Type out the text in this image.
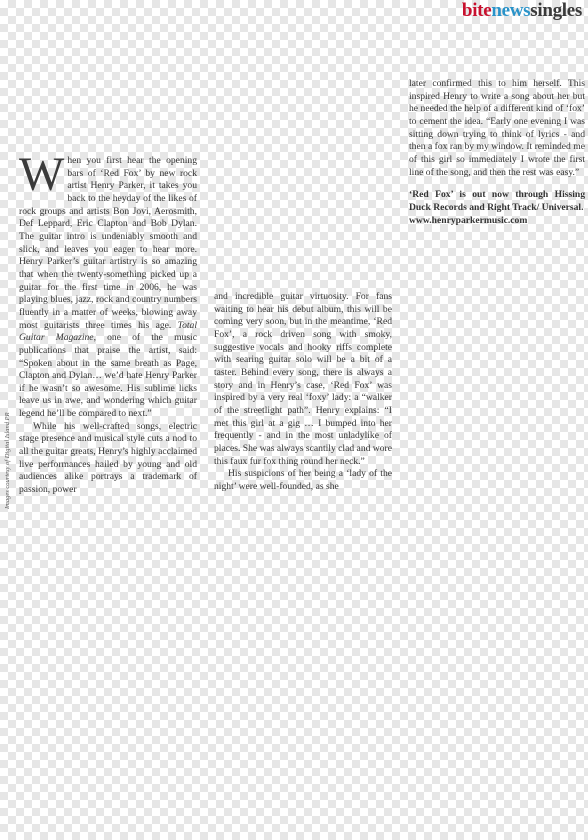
bitenewssingles
Images courtesy of Digital Island PR

When you first hear the opening bars of ‘Red Fox’ by new rock artist Henry Parker, it takes you back to the heyday of the likes of rock groups and artists Bon Jovi, Aerosmith, Def Leppard, Eric Clapton and Bob Dylan. The guitar intro is undeniably smooth and slick, and leaves you eager to hear more. Henry Parker’s guitar artistry is so amazing that when the twenty-something picked up a guitar for the first time in 2006, he was playing blues, jazz, rock and country numbers fluently in a matter of weeks, blowing away most guitarists three times his age. Total Guitar Magazine, one of the music publications that praise the artist, said: “Spoken about in the same breath as Page, Clapton and Dylan… we’d hate Henry Parker if he wasn’t so awesome. His sublime licks leave us in awe, and wondering which guitar legend he’ll be compared to next.”

While his well-crafted songs, electric stage presence and musical style cuts a nod to all the guitar greats, Henry’s highly acclaimed live performances hailed by young and old audiences alike portrays a trademark of passion, power

and incredible guitar virtuosity. For fans waiting to hear his debut album, this will be coming very soon, but in the meantime, ‘Red Fox’, a rock driven song with smoky, suggestive vocals and hooky riffs complete with searing guitar solo will be a bit of a taster. Behind every song, there is always a story and in Henry’s case, ‘Red Fox’ was inspired by a very real ‘foxy’ lady: a “walker of the streetlight path”. Henry explains: “I met this girl at a gig … I bumped into her frequently - and in the most unladylike of places. She was always scantily clad and wore this faux fur fox thing round her neck.”

His suspicions of her being a ‘lady of the night’ were well-founded, as she

later confirmed this to him herself. This inspired Henry to write a song about her but he needed the help of a different kind of ‘fox’ to cement the idea. “Early one evening I was sitting down trying to think of lyrics - and then a fox ran by my window. It reminded me of this girl so immediately I wrote the first line of the song, and then the rest was easy.”

‘Red Fox’ is out now through Hissing Duck Records and Right Track/ Universal.

www.henryparkermusic.com
